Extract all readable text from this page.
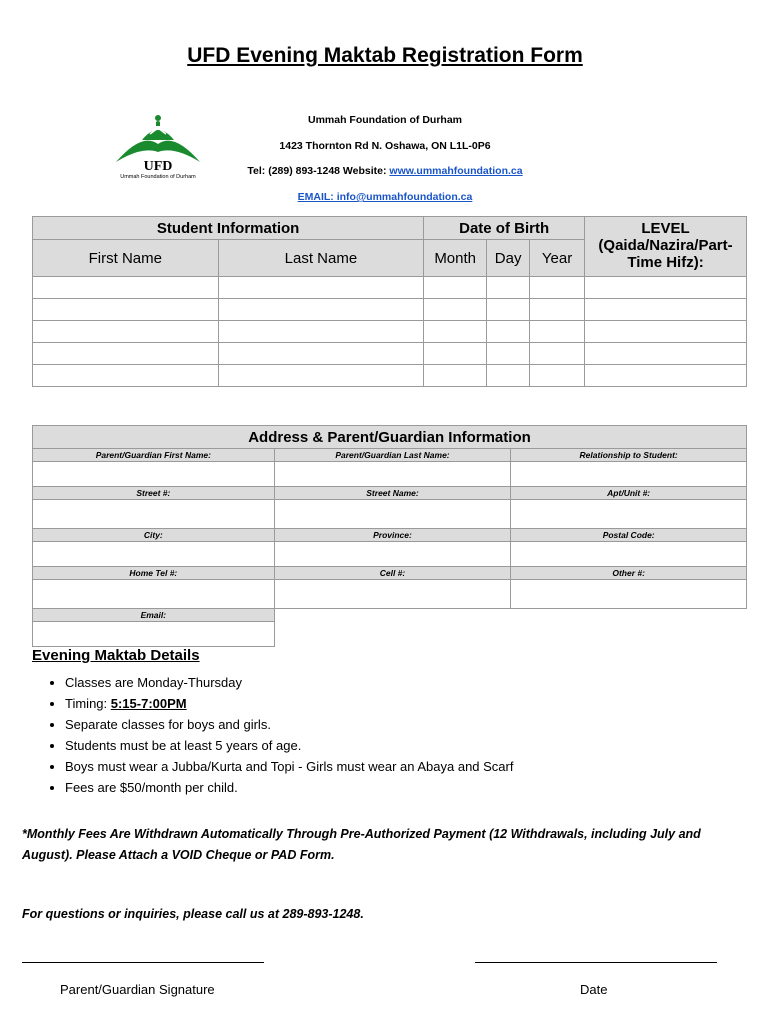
UFD Evening Maktab Registration Form
UFD
Ummah Foundation of Durham
Ummah Foundation of Durham
1423 Thornton Rd N. Oshawa, ON L1L-0P6
Tel: (289) 893-1248 Website: www.ummahfoundation.ca
EMAIL: info@ummahfoundation.ca
Student Information		Date of Birth			LEVEL
(Qaida/Nazira/Part-Time Hifz):
First Name	Last Name	Month	Day	Year	

Address & Parent/Guardian Information		
Parent/Guardian First Name:	Parent/Guardian Last Name:	Relationship to Student:

Street #:	Street Name:	Apt/Unit #:

City:	Province:	Postal Code:

Home Tel #:	Cell #:	Other #:

Email:		

Evening Maktab Details
• Classes are Monday-Thursday
• Timing: 5:15-7:00PM
• Separate classes for boys and girls.
• Students must be at least 5 years of age.
• Boys must wear a Jubba/Kurta and Topi - Girls must wear an Abaya and Scarf
• Fees are $50/month per child.
*Monthly Fees Are Withdrawn Automatically Through Pre-Authorized Payment (12 Withdrawals, including July and August). Please Attach a VOID Cheque or PAD Form.
For questions or inquiries, please call us at 289-893-1248.
Parent/Guardian Signature	Date
